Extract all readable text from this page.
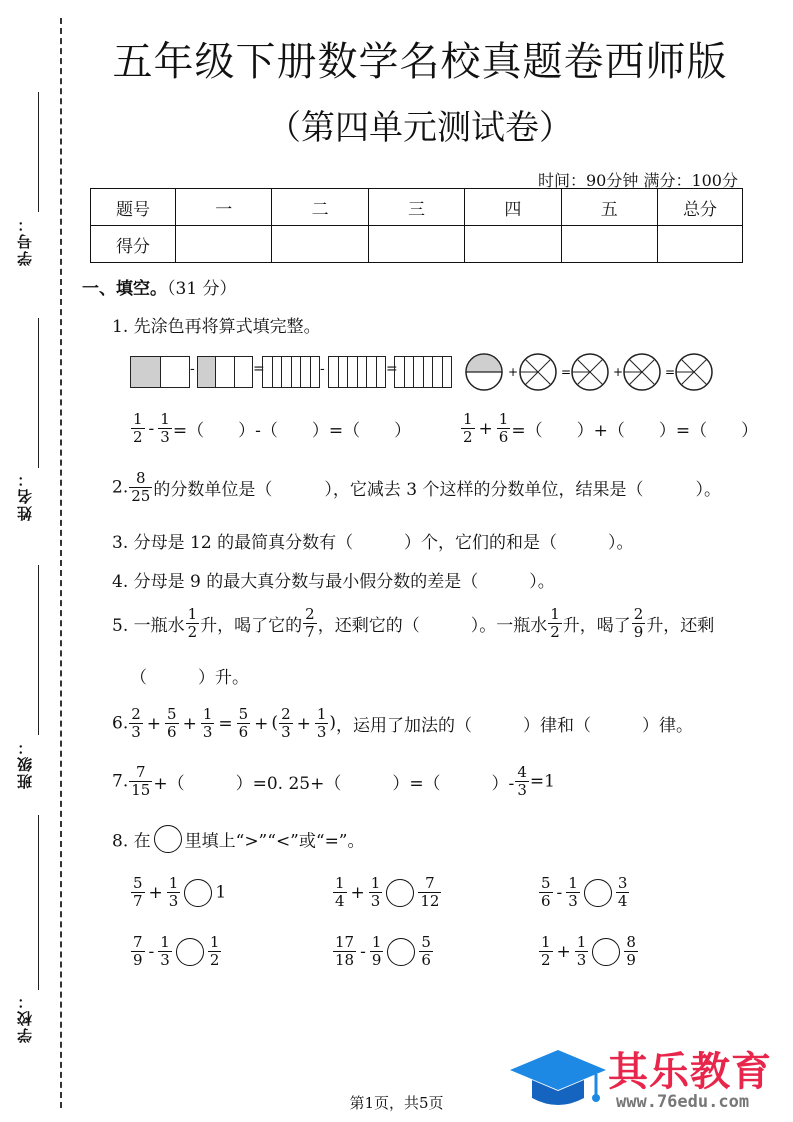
学号：
姓名：
班级：
学校：
五年级下册数学名校真题卷西师版
（第四单元测试卷）
时间：90分钟 满分：100分
题号	一	二	三	四	五	总分
得分						
一、填空。（31 分）
1. 先涂色再将算式填完整。
-	=	-	=	+	=	+	=
$\frac{1}{2} - \frac{1}{3}$ =（ ）-（ ）=（ ）	$\frac{1}{2} + \frac{1}{6}$ =（ ）+（ ）=（ ）
2. $\frac{8}{25}$ 的分数单位是（	），它减去 3 个这样的分数单位，结果是（	）。
3. 分母是 12 的最简真分数有（　　　）个，它们的和是（　　　）。
4. 分母是 9 的最大真分数与最小假分数的差是（　　　）。
5. 一瓶水 $\frac{1}{2}$ 升，喝了它的 $\frac{2}{7}$ ，还剩它的（　　　）。一瓶水 $\frac{1}{2}$ 升，喝了 $\frac{2}{9}$ 升，还剩
（　　　）升。
6. $\frac{2}{3} + \frac{5}{6} + \frac{1}{3} = \frac{5}{6}$ + ( $\frac{2}{3} + \frac{1}{3}$ )，运用了加法的（　　　）律和（　　　）律。
7. $\frac{7}{15}$ +（　　　）=0. 25+（　　　）=（　　　）- $\frac{4}{3} =1$
8. 在 里填上“>”“<”或“=”。
$\frac{5}{7} + \frac{1}{3} 1$	$\frac{1}{4} + \frac{1}{3} \frac{7}{12}$	$\frac{5}{6} - \frac{1}{3} \frac{3}{4}$
$\frac{7}{9} - \frac{1}{3} \frac{1}{2}$	$\frac{17}{18} - \frac{1}{9} \frac{5}{6}$	$\frac{1}{2} + \frac{1}{3} \frac{8}{9}$
其乐教育
www.76edu.com
第1页，共5页
